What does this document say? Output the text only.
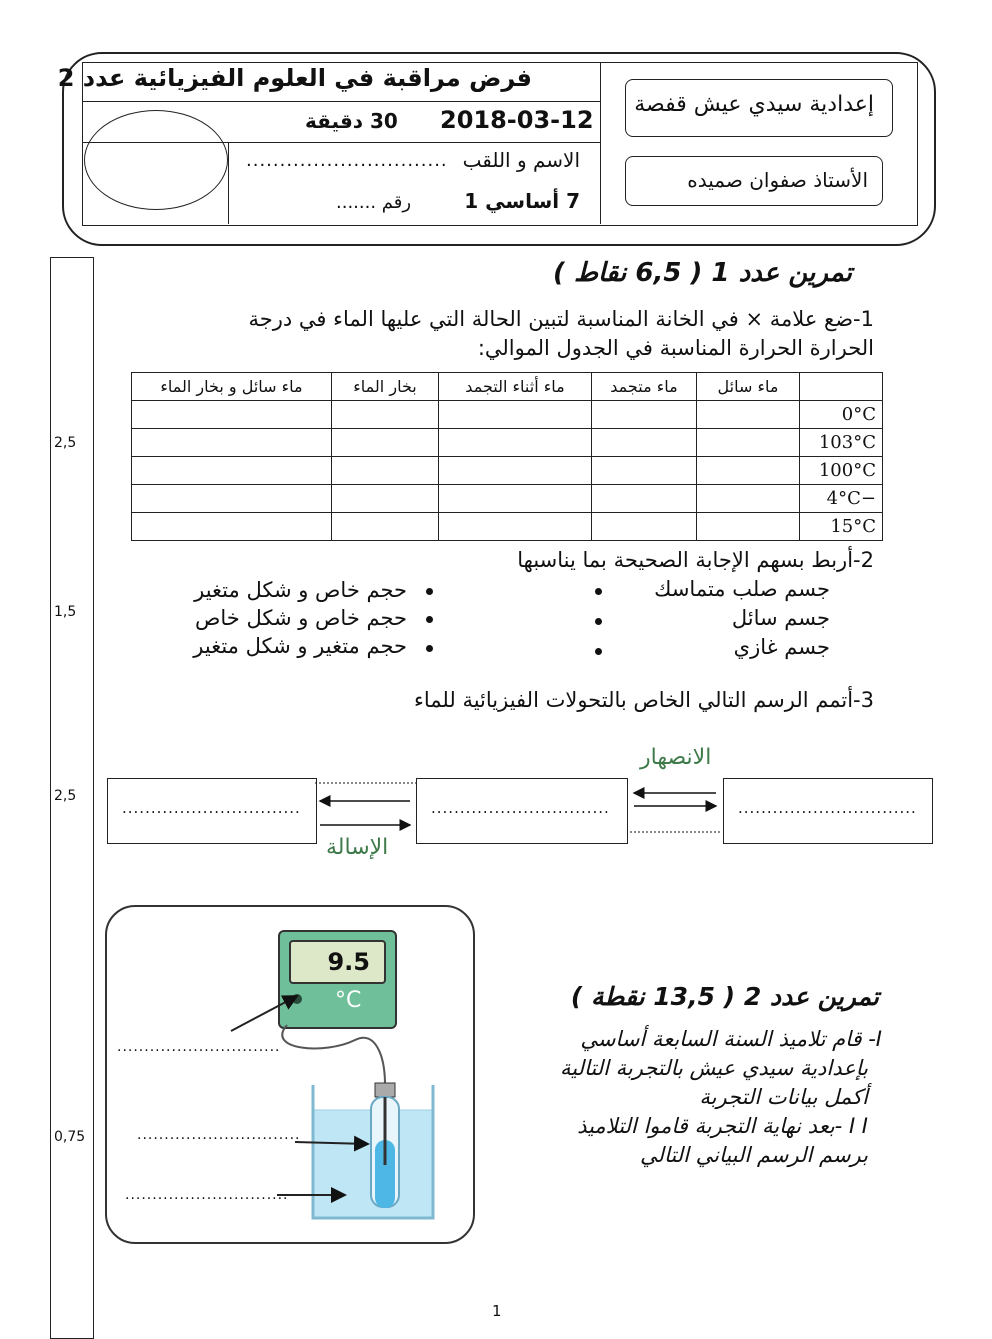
فرض مراقبة في العلوم الفيزيائية عدد 2
2018-03-12
30 دقيقة
الاسم و اللقب
..............................
7 أساسي 1
رقم .......
إعدادية سيدي عيش قفصة
الأستاذ صفوان صميده
2,5
1,5
2,5
0,75
تمرين عدد 1 ( 6,5 نقاط )
1-ضع علامة × في الخانة المناسبة لتبين الحالة التي عليها الماء في درجة
الحرارة الحرارة المناسبة في الجدول الموالي:
	ماء سائل	ماء متجمد	ماء أثناء التجمد	بخار الماء	ماء سائل و بخار الماء
0°C					
103°C					
100°C					
−4°C					
15°C					
2-أربط بسهم الإجابة الصحيحة بما يناسبها
جسم صلب متماسك
جسم سائل
جسم غازي
حجم خاص و شكل متغير
حجم خاص و شكل خاص
حجم متغير و شكل متغير
3-أتمم الرسم التالي الخاص بالتحولات الفيزيائية للماء
الانصهار
...............................	...............................	...............................
الإسالة
9.5
°C
..............................
..............................
..............................
تمرين عدد 2 ( 13,5 نقطة )
I- قام تلاميذ السنة السابعة أساسي
بإعدادية سيدي عيش بالتجربة التالية
أكمل بيانات التجربة
I I -بعد نهاية التجربة قاموا التلاميذ
برسم الرسم البياني التالي
1
